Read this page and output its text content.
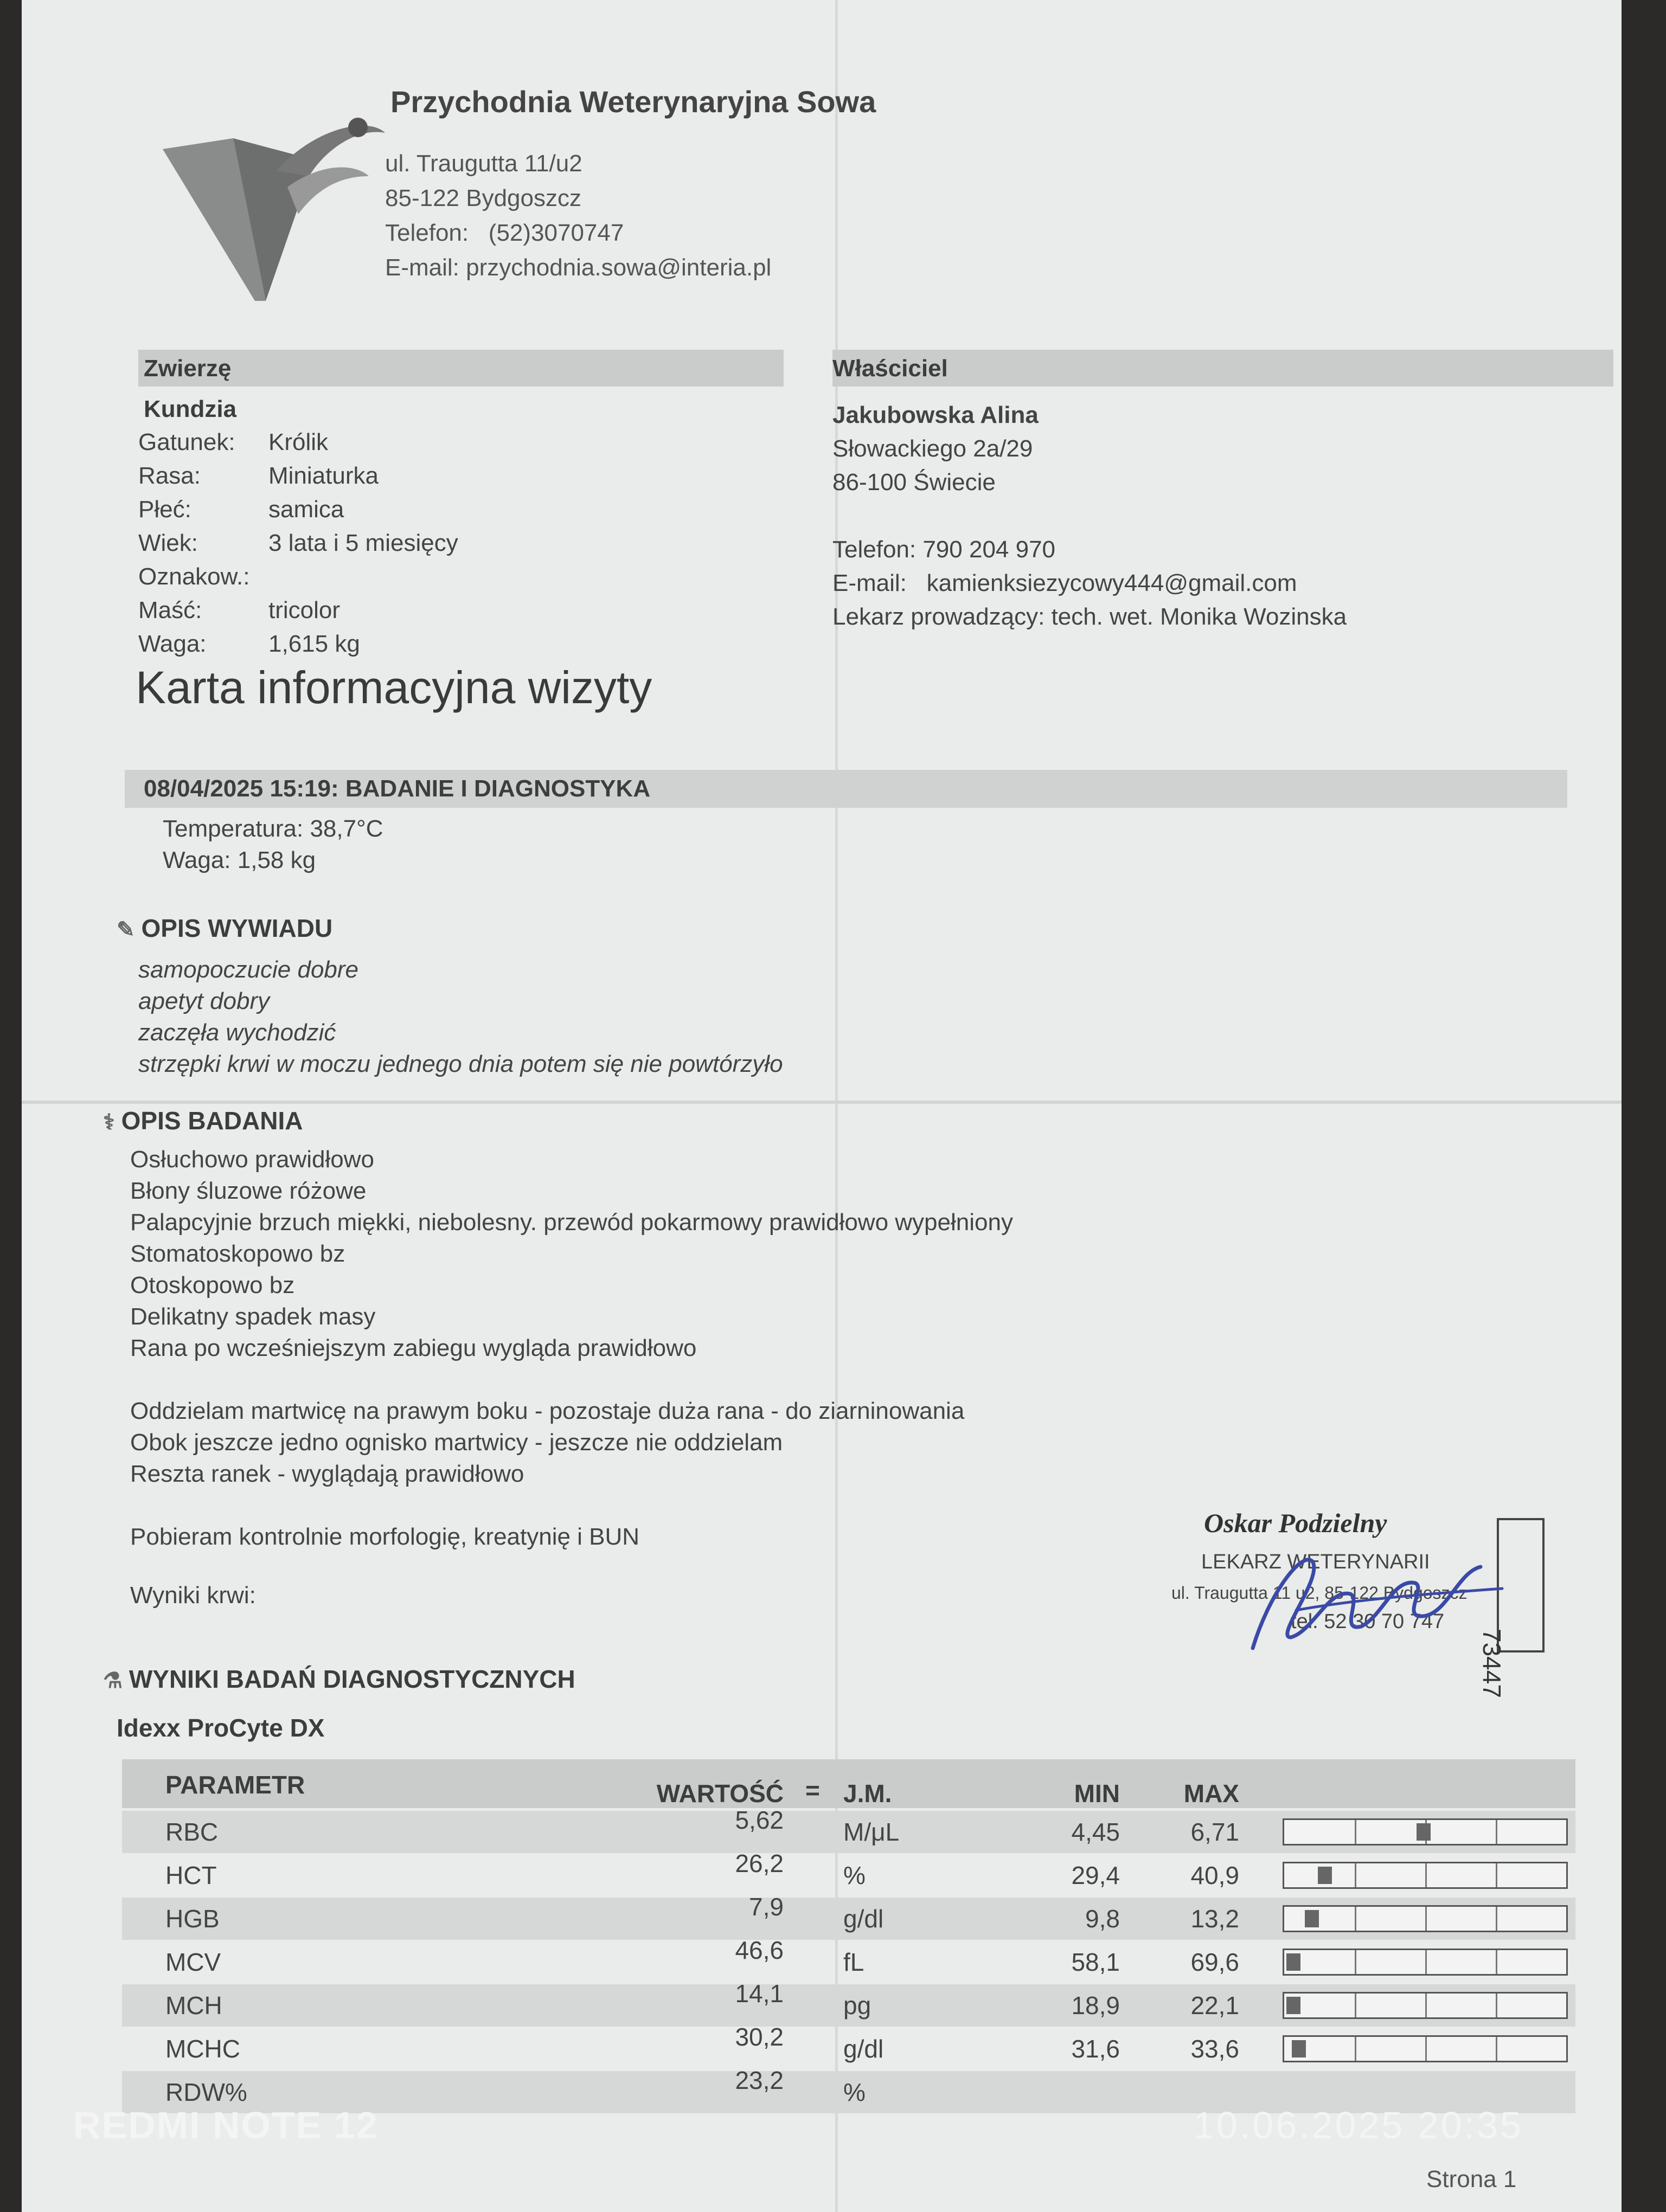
Przychodnia Weterynaryjna Sowa
ul. Traugutta 11/u2
85-122 Bydgoszcz
Telefon: (52)3070747
E-mail: przychodnia.sowa@interia.pl
Zwierzę
Kundzia
Gatunek: Królik
Rasa:	Miniaturka
Płeć:	samica
Wiek:	3 lata i 5 miesięcy
Oznakow.:
Maść:	tricolor
Waga:	1,615 kg
Właściciel
Jakubowska Alina
Słowackiego 2a/29
86-100 Świecie
Telefon: 790 204 970
E-mail: kamienksiezycowy444@gmail.com
Lekarz prowadzący: tech. wet. Monika Wozinska
Karta informacyjna wizyty
08/04/2025 15:19: BADANIE I DIAGNOSTYKA
Temperatura: 38,7°C
Waga: 1,58 kg
✎ OPIS WYWIADU
samopoczucie dobre
apetyt dobry
zaczęła wychodzić
strzępki krwi w moczu jednego dnia potem się nie powtórzyło
⚕ OPIS BADANIA
Osłuchowo prawidłowo
Błony śluzowe różowe
Palapcyjnie brzuch miękki, niebolesny. przewód pokarmowy prawidłowo wypełniony
Stomatoskopowo bz
Otoskopowo bz
Delikatny spadek masy
Rana po wcześniejszym zabiegu wygląda prawidłowo
Oddzielam martwicę na prawym boku - pozostaje duża rana - do ziarninowania
Obok jeszcze jedno ognisko martwicy - jeszcze nie oddzielam
Reszta ranek - wyglądają prawidłowo
Pobieram kontrolnie morfologię, kreatynię i BUN
Wyniki krwi:
Oskar Podzielny
LEKARZ WETERYNARII
ul. Traugutta 11 u2, 85-122 Bydgoszcz
tel. 52 30 70 747
73447
⚗ WYNIKI BADAŃ DIAGNOSTYCZNYCH
Idexx ProCyte DX
PARAMETR	WARTOŚĆ = J.M.	MIN	MAX
RBC	5,62 M/μL	4,45	6,71
HCT	26,2 %	29,4	40,9
HGB	7,9 g/dl	9,8	13,2
MCV	46,6 fL	58,1	69,6
MCH	14,1 pg	18,9	22,1
MCHC	30,2 g/dl	31,6	33,6
RDW%	23,2 %
Strona 1
REDMI NOTE 12	10.06.2025 20:35
